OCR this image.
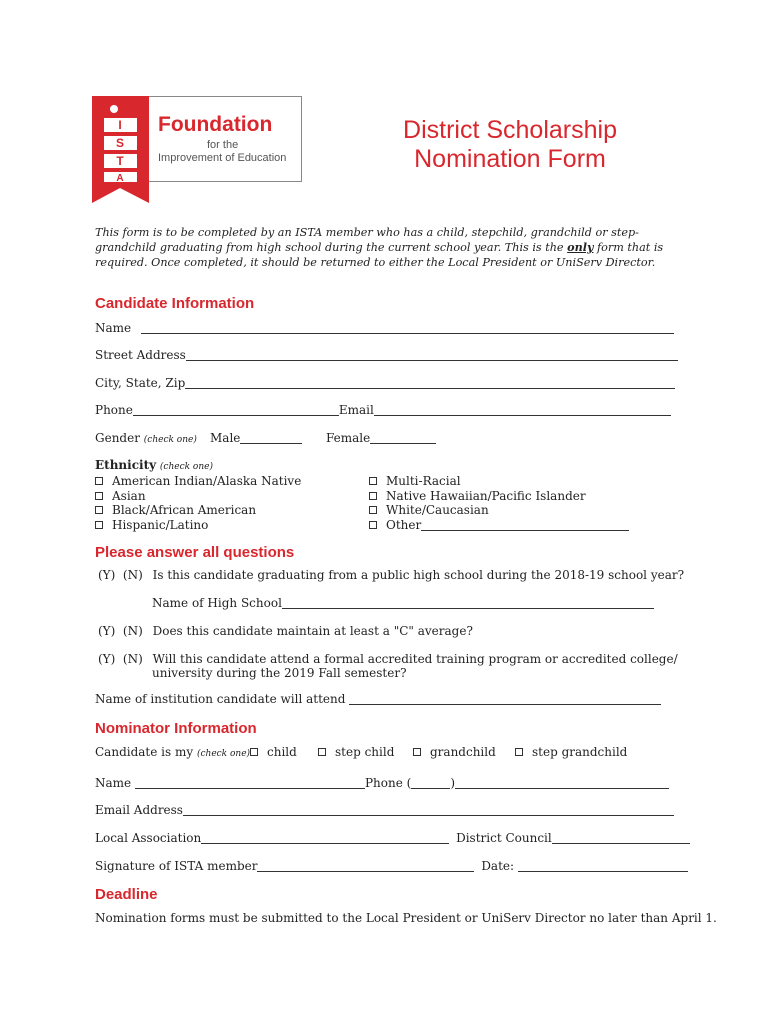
I
S
T
A
Foundation
for the
Improvement of Education
District Scholarship
Nomination Form
This form is to be completed by an ISTA member who has a child, stepchild, grandchild or step-
grandchild graduating from high school during the current school year. This is the only form that is
required. Once completed, it should be returned to either the Local President or UniServ Director.
Candidate Information
Name
Street Address
City, State, Zip
Phone	Email
Gender (check one) Male	Female
Ethnicity (check one)
American Indian/Alaska Native
Asian
Black/African American
Hispanic/Latino
Multi-Racial
Native Hawaiian/Pacific Islander
White/Caucasian
Other
Please answer all questions
(Y)  (N) Is this candidate graduating from a public high school during the 2018-19 school year?
Name of High School
(Y)  (N) Does this candidate maintain at least a "C" average?
(Y)  (N) Will this candidate attend a formal accredited training program or accredited college/
university during the 2019 Fall semester?
Name of institution candidate will attend
Nominator Information
Candidate is my (check one)	child	step child	grandchild	step grandchild
Name	Phone (	)
Email Address
Local Association	District Council
Signature of ISTA member	Date:
Deadline
Nomination forms must be submitted to the Local President or UniServ Director no later than April 1.
